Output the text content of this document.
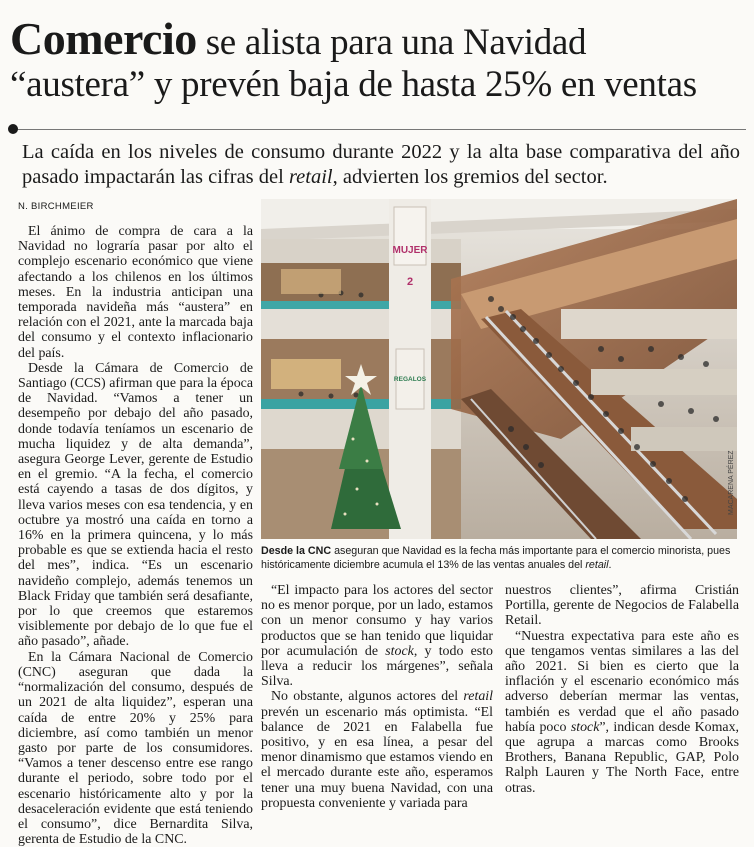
Comercio se alista para una Navidad
“austera” y prevén baja de hasta 25% en ventas
La caída en los niveles de consumo durante 2022 y la alta base comparativa del año pasado impactarán las cifras del retail, advierten los gremios del sector.
N. BIRCHMEIER

El ánimo de compra de cara a la Navidad no lograría pasar por alto el complejo escenario económico que viene afectando a los chilenos en los últimos meses. En la industria anticipan una temporada navideña más “austera” en relación con el 2021, ante la marcada baja del consumo y el contexto inflacionario del país.

Desde la Cámara de Comercio de Santiago (CCS) afirman que para la época de Navidad. “Vamos a tener un desempeño por debajo del año pasado, donde todavía teníamos un escenario de mucha liquidez y de alta demanda”, asegura George Lever, gerente de Estudio en el gremio. “A la fecha, el comercio está cayendo a tasas de dos dígitos, y lleva varios meses con esa tendencia, y en octubre ya mostró una caída en torno a 16% en la primera quincena, y lo más probable es que se extienda hacia el resto del mes”, indica. “Es un escenario navideño complejo, además tenemos un Black Friday que también será desafiante, por lo que creemos que estaremos visiblemente por debajo de lo que fue el año pasado”, añade.

En la Cámara Nacional de Comercio (CNC) aseguran que dada la “normalización del consumo, después de un 2021 de alta liquidez”, esperan una caída de entre 20% y 25% para diciembre, así como también un menor gasto por parte de los consumidores. “Vamos a tener descenso entre ese rango durante el periodo, sobre todo por el escenario históricamente alto y por la desaceleración evidente que está teniendo el consumo”, dice Bernardita Silva, gerenta de Estudio de la CNC.

MUJER
2
REGALOS
MACARENA PÉREZ
Desde la CNC aseguran que Navidad es la fecha más importante para el comercio minorista, pues históricamente diciembre acumula el 13% de las ventas anuales del retail.

“El impacto para los actores del sector no es menor porque, por un lado, estamos con un menor consumo y hay varios productos que se han tenido que liquidar por acumulación de stock, y todo esto lleva a reducir los márgenes”, señala Silva.

No obstante, algunos actores del retail prevén un escenario más optimista. “El balance de 2021 en Falabella fue positivo, y en esa línea, a pesar del menor dinamismo que estamos viendo en el mercado durante este año, esperamos tener una muy buena Navidad, con una propuesta conveniente y variada para

nuestros clientes”, afirma Cristián Portilla, gerente de Negocios de Falabella Retail.

“Nuestra expectativa para este año es que tengamos ventas similares a las del año 2021. Si bien es cierto que la inflación y el escenario económico más adverso deberían mermar las ventas, también es verdad que el año pasado había poco stock”, indican desde Komax, que agrupa a marcas como Brooks Brothers, Banana Republic, GAP, Polo Ralph Lauren y The North Face, entre otras.
